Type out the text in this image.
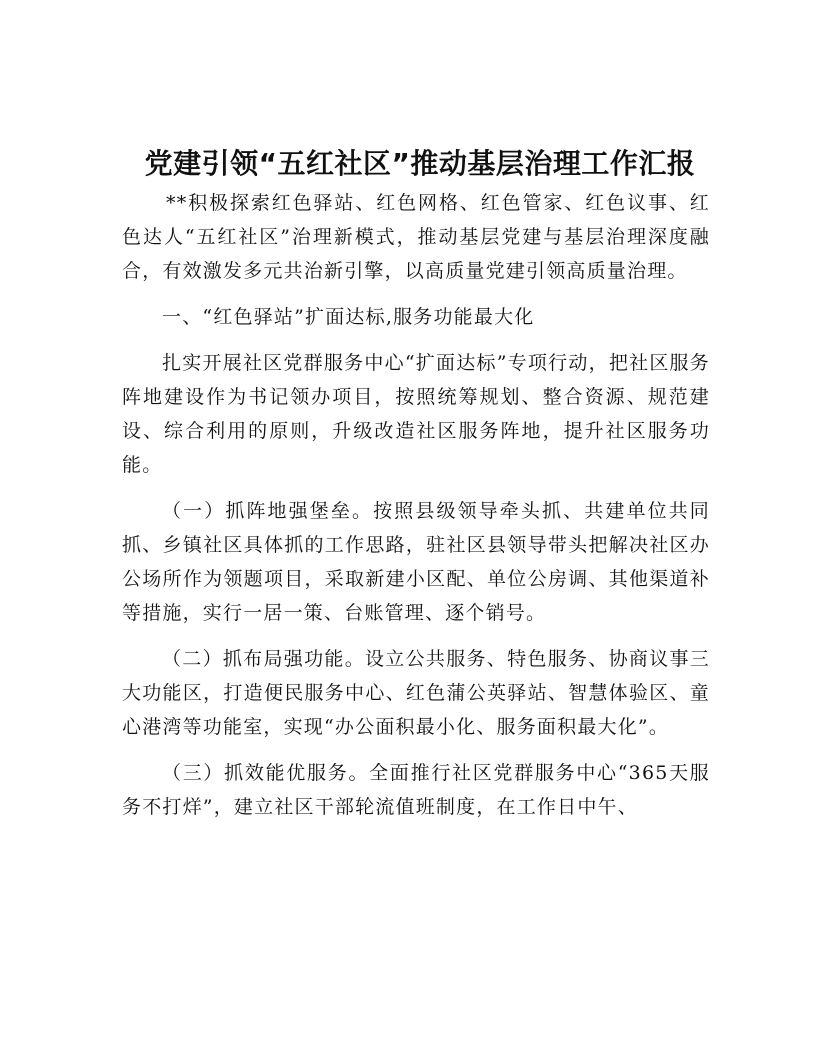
党建引领“五红社区”推动基层治理工作汇报

**积极探索红色驿站、红色网格、红色管家、红色议事、红色达人“五红社区”治理新模式，推动基层党建与基层治理深度融合，有效激发多元共治新引擎，以高质量党建引领高质量治理。

一、“红色驿站”扩面达标,服务功能最大化

扎实开展社区党群服务中心“扩面达标”专项行动，把社区服务阵地建设作为书记领办项目，按照统筹规划、整合资源、规范建设、综合利用的原则，升级改造社区服务阵地，提升社区服务功能。

（一）抓阵地强堡垒。按照县级领导牵头抓、共建单位共同抓、乡镇社区具体抓的工作思路，驻社区县领导带头把解决社区办公场所作为领题项目，采取新建小区配、单位公房调、其他渠道补等措施，实行一居一策、台账管理、逐个销号。

（二）抓布局强功能。设立公共服务、特色服务、协商议事三大功能区，打造便民服务中心、红色蒲公英驿站、智慧体验区、童心港湾等功能室，实现“办公面积最小化、服务面积最大化”。

（三）抓效能优服务。全面推行社区党群服务中心“365天服务不打烊”，建立社区干部轮流值班制度，在工作日中午、
